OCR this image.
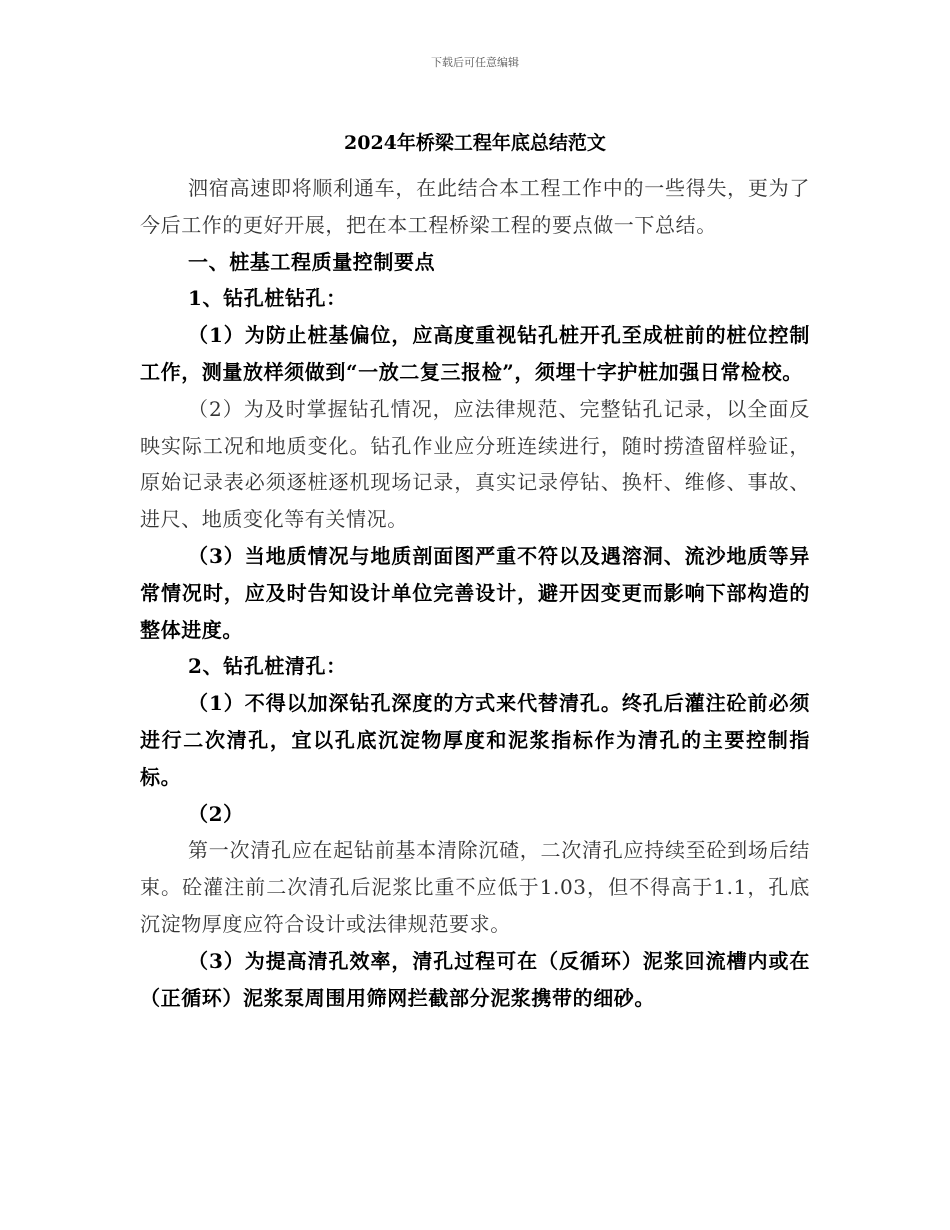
下载后可任意编辑
2024年桥梁工程年底总结范文

泗宿高速即将顺利通车，在此结合本工程工作中的一些得失，更为了今后工作的更好开展，把在本工程桥梁工程的要点做一下总结。

一、桩基工程质量控制要点

1、钻孔桩钻孔：

（1）为防止桩基偏位，应高度重视钻孔桩开孔至成桩前的桩位控制工作，测量放样须做到“一放二复三报检”，须埋十字护桩加强日常检校。

（2）为及时掌握钻孔情况，应法律规范、完整钻孔记录，以全面反映实际工况和地质变化。钻孔作业应分班连续进行，随时捞渣留样验证，原始记录表必须逐桩逐机现场记录，真实记录停钻、换杆、维修、事故、进尺、地质变化等有关情况。

（3）当地质情况与地质剖面图严重不符以及遇溶洞、流沙地质等异常情况时，应及时告知设计单位完善设计，避开因变更而影响下部构造的整体进度。

2、钻孔桩清孔：

（1）不得以加深钻孔深度的方式来代替清孔。终孔后灌注砼前必须进行二次清孔，宜以孔底沉淀物厚度和泥浆指标作为清孔的主要控制指标。

（2）

第一次清孔应在起钻前基本清除沉碴，二次清孔应持续至砼到场后结束。砼灌注前二次清孔后泥浆比重不应低于1.03，但不得高于1.1，孔底沉淀物厚度应符合设计或法律规范要求。

（3）为提高清孔效率，清孔过程可在（反循环）泥浆回流槽内或在（正循环）泥浆泵周围用筛网拦截部分泥浆携带的细砂。
